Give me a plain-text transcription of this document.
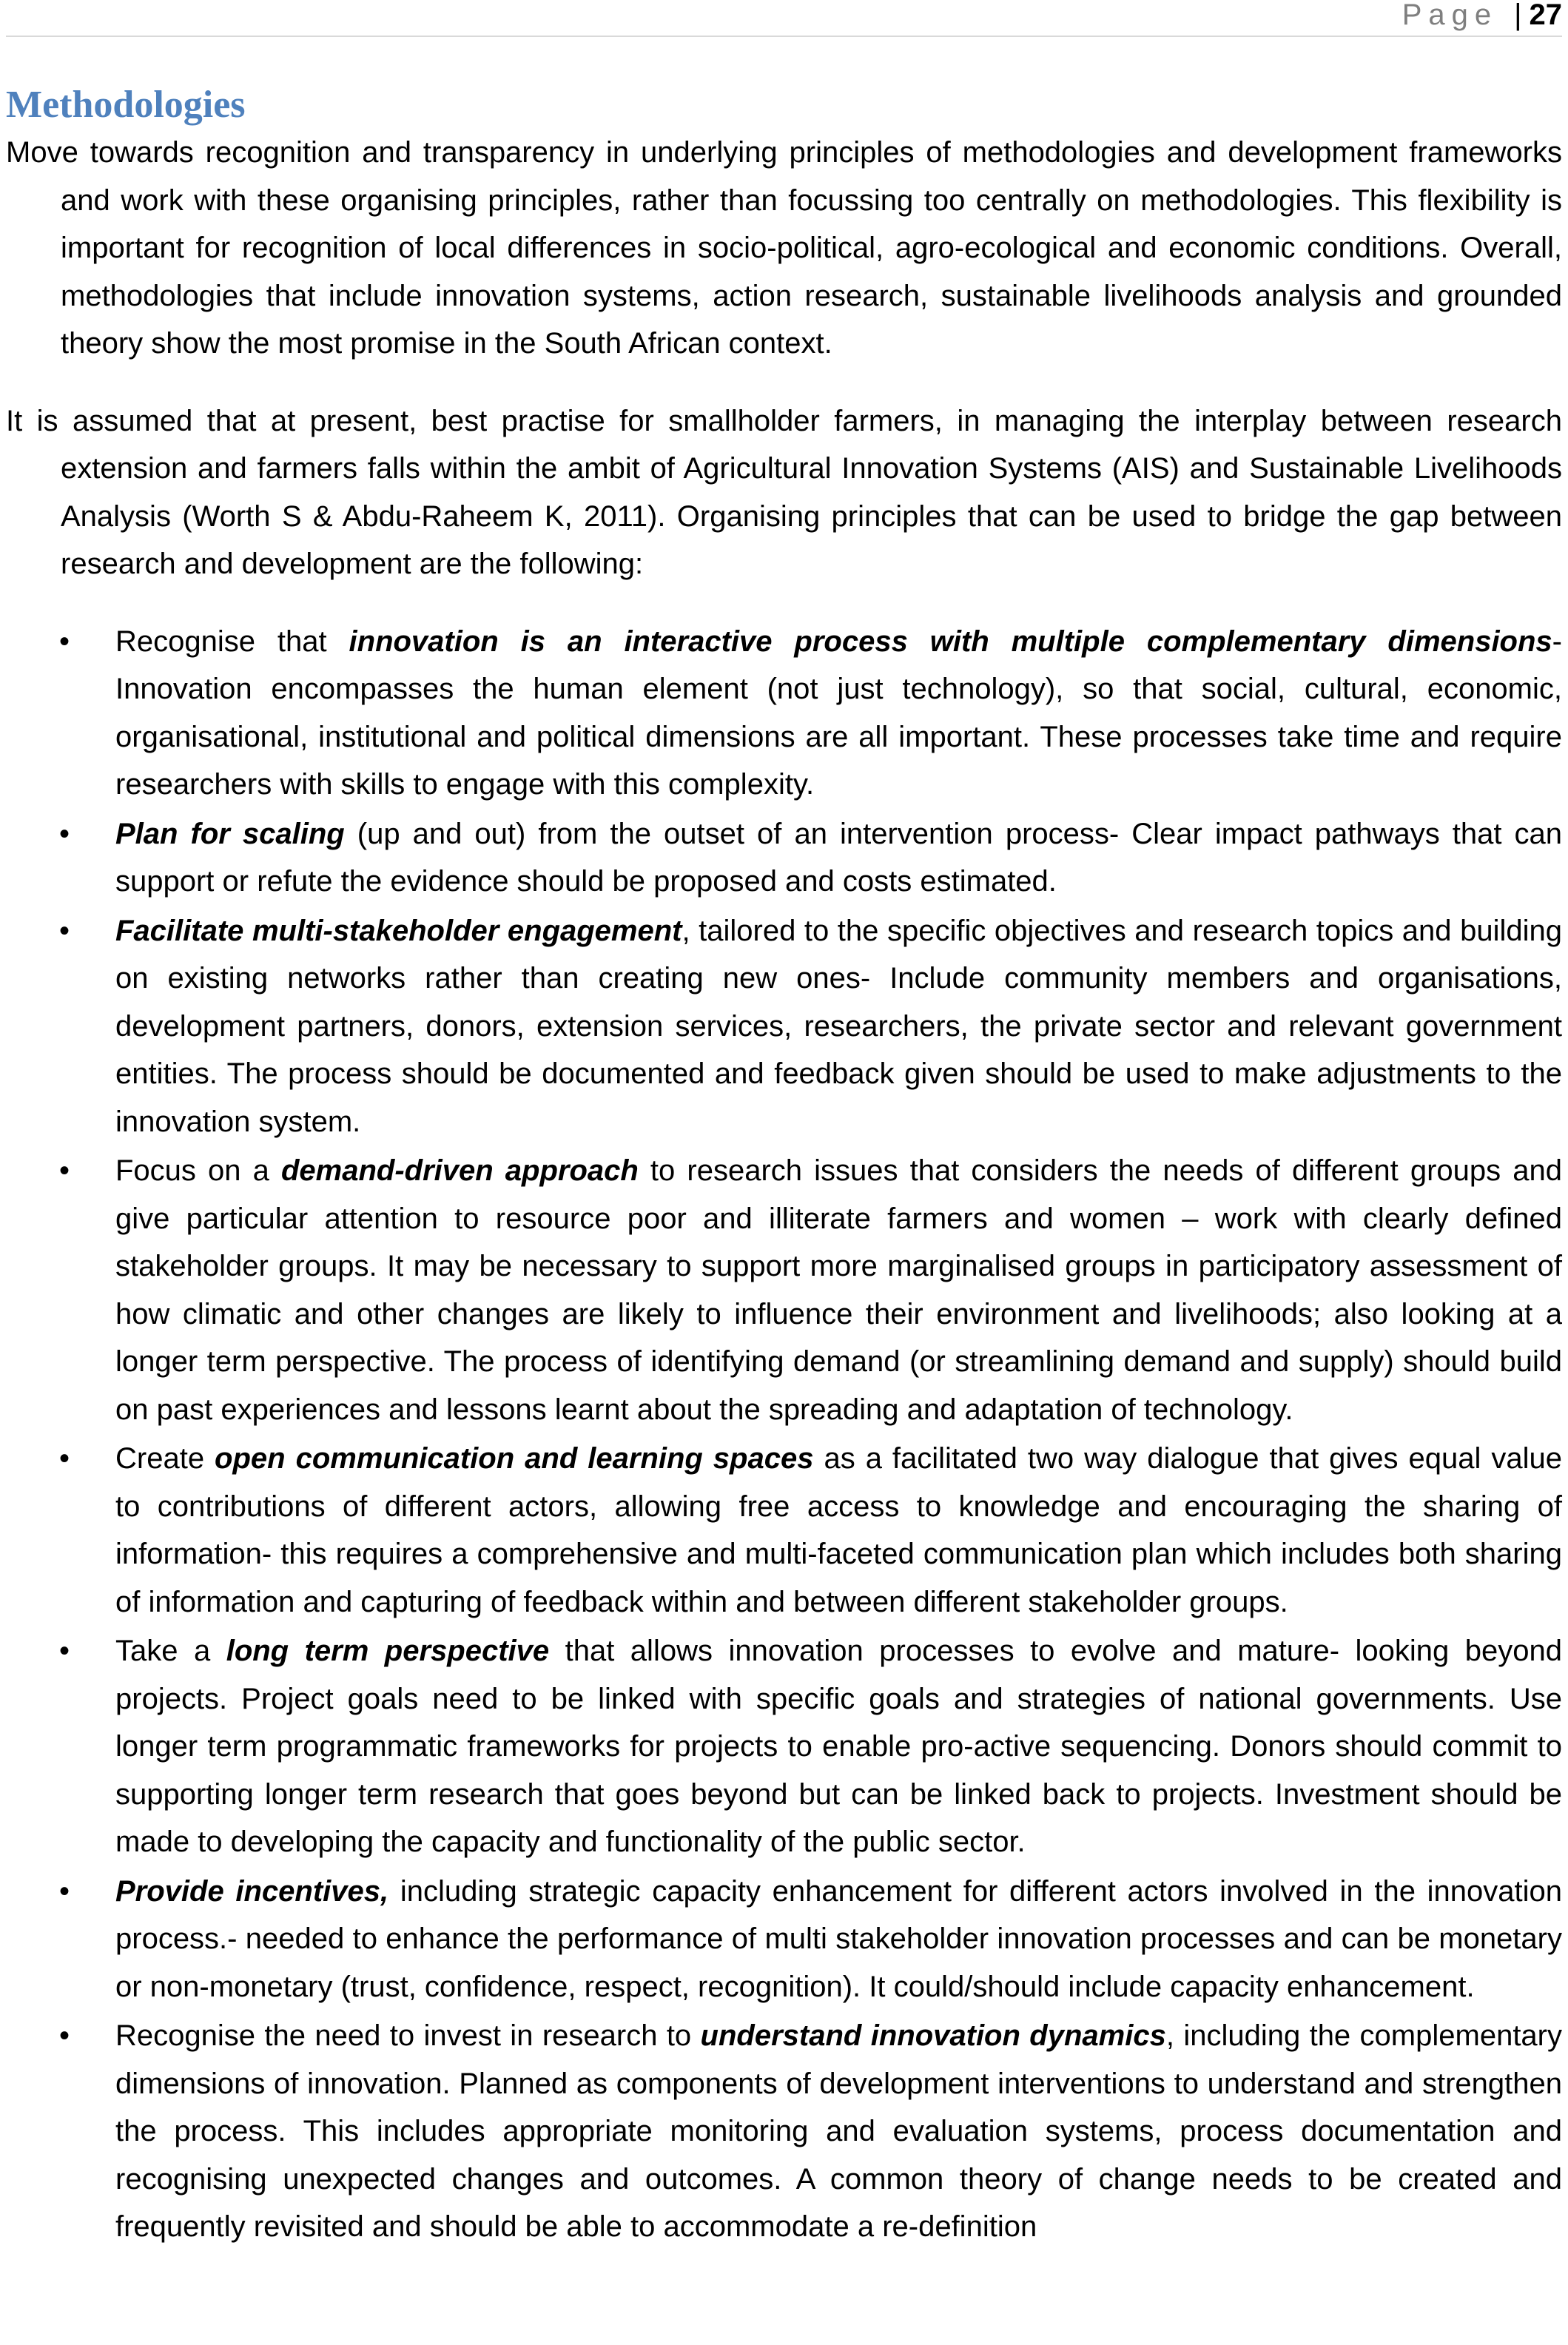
Page | 27
Methodologies

Move towards recognition and transparency in underlying principles of methodologies and development frameworks and work with these organising principles, rather than focussing too centrally on methodologies. This flexibility is important for recognition of local differences in socio-political, agro-ecological and economic conditions. Overall, methodologies that include innovation systems, action research, sustainable livelihoods analysis and grounded theory show the most promise in the South African context.

It is assumed that at present, best practise for smallholder farmers, in managing the interplay between research extension and farmers falls within the ambit of Agricultural Innovation Systems (AIS) and Sustainable Livelihoods Analysis (Worth S & Abdu-Raheem K, 2011). Organising principles that can be used to bridge the gap between research and development are the following:

•	Recognise that innovation is an interactive process with multiple complementary dimensions- Innovation encompasses the human element (not just technology), so that social, cultural, economic, organisational, institutional and political dimensions are all important. These processes take time and require researchers with skills to engage with this complexity.
•	Plan for scaling (up and out) from the outset of an intervention process- Clear impact pathways that can support or refute the evidence should be proposed and costs estimated.
•	Facilitate multi-stakeholder engagement, tailored to the specific objectives and research topics and building on existing networks rather than creating new ones- Include community members and organisations, development partners, donors, extension services, researchers, the private sector and relevant government entities. The process should be documented and feedback given should be used to make adjustments to the innovation system.
•	Focus on a demand-driven approach to research issues that considers the needs of different groups and give particular attention to resource poor and illiterate farmers and women – work with clearly defined stakeholder groups. It may be necessary to support more marginalised groups in participatory assessment of how climatic and other changes are likely to influence their environment and livelihoods; also looking at a longer term perspective. The process of identifying demand (or streamlining demand and supply) should build on past experiences and lessons learnt about the spreading and adaptation of technology.
•	Create open communication and learning spaces as a facilitated two way dialogue that gives equal value to contributions of different actors, allowing free access to knowledge and encouraging the sharing of information- this requires a comprehensive and multi-faceted communication plan which includes both sharing of information and capturing of feedback within and between different stakeholder groups.
•	Take a long term perspective that allows innovation processes to evolve and mature- looking beyond projects. Project goals need to be linked with specific goals and strategies of national governments. Use longer term programmatic frameworks for projects to enable pro-active sequencing. Donors should commit to supporting longer term research that goes beyond but can be linked back to projects. Investment should be made to developing the capacity and functionality of the public sector.
•	Provide incentives, including strategic capacity enhancement for different actors involved in the innovation process.- needed to enhance the performance of multi stakeholder innovation processes and can be monetary or non-monetary (trust, confidence, respect, recognition). It could/should include capacity enhancement.
•	Recognise the need to invest in research to understand innovation dynamics, including the complementary dimensions of innovation. Planned as components of development interventions to understand and strengthen the process. This includes appropriate monitoring and evaluation systems, process documentation and recognising unexpected changes and outcomes. A common theory of change needs to be created and frequently revisited and should be able to accommodate a re-definition
